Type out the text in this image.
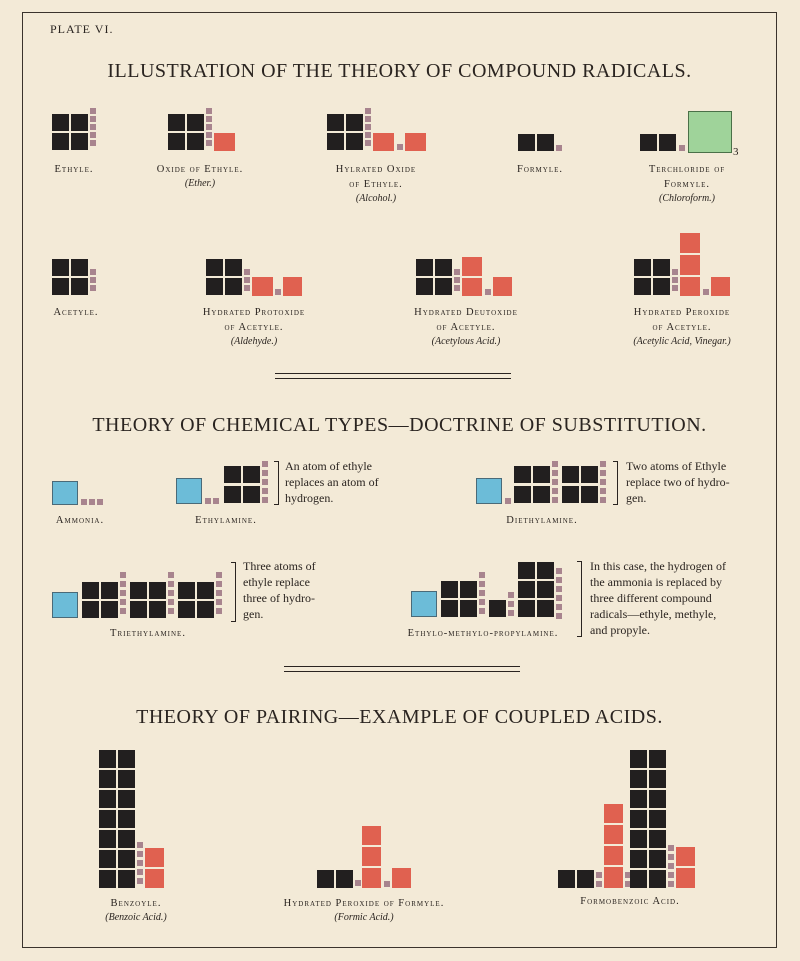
PLATE VI.
ILLUSTRATION OF THE THEORY OF COMPOUND RADICALS.
Ethyle.	Oxide of Ethyle.
(Ether.)
Hylrated Oxide
of Ethyle.
(Alcohol.)
Formyle.
3
Terchloride of
Formyle.
(Chloroform.)
Acetyle.	Hydrated Protoxide
of Acetyle.
(Aldehyde.)
Hydrated Deutoxide
of Acetyle.
(Acetylous Acid.)
Hydrated Peroxide
of Acetyle.
(Acetylic Acid, Vinegar.)
THEORY OF CHEMICAL TYPES—DOCTRINE OF SUBSTITUTION.
Ammonia.
An atom of ethyle
replaces an atom of
hydrogen.
Ethylamine.
Two atoms of Ethyle
replace two of hydro-
gen.
Diethylamine.
Three atoms of
ethyle replace
three of hydro-
gen.
Triethylamine.
In this case, the hydrogen of
the ammonia is replaced by
three different compound
radicals—ethyle, methyle,
and propyle.
Ethylo-methylo-propylamine.
THEORY OF PAIRING—EXAMPLE OF COUPLED ACIDS.
Benzoyle.
(Benzoic Acid.)
Hydrated Peroxide of Formyle.
(Formic Acid.)
Formobenzoic Acid.
